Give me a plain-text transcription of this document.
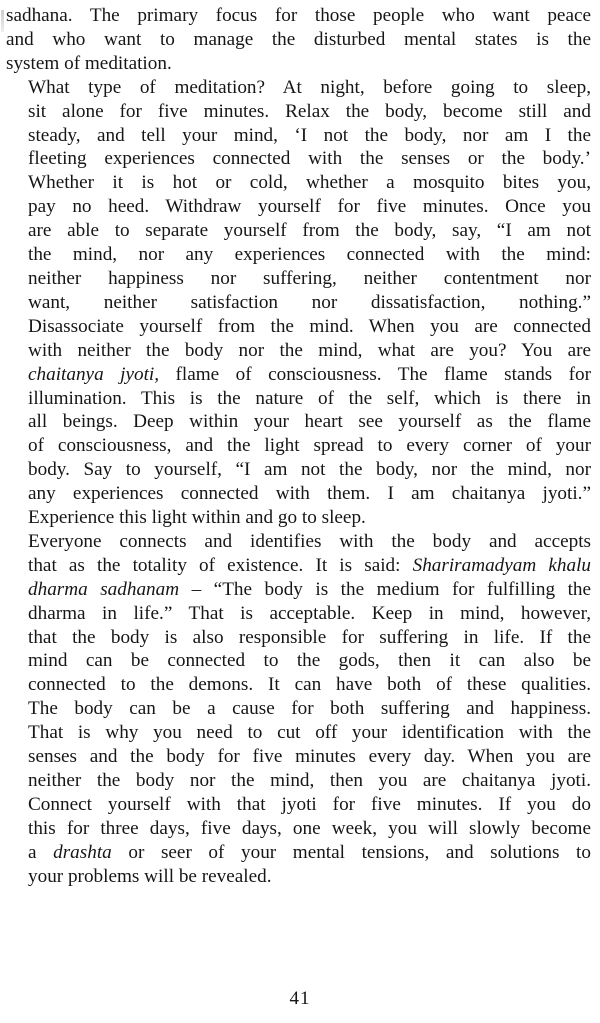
sadhana. The primary focus for those people who want peace
and who want to manage the disturbed mental states is the
system of meditation.

What type of meditation? At night, before going to sleep,
sit alone for five minutes. Relax the body, become still and
steady, and tell your mind, ‘I not the body, nor am I the
fleeting experiences connected with the senses or the body.’
Whether it is hot or cold, whether a mosquito bites you,
pay no heed. Withdraw yourself for five minutes. Once you
are able to separate yourself from the body, say, “I am not
the mind, nor any experiences connected with the mind:
neither happiness nor suffering, neither contentment nor
want, neither satisfaction nor dissatisfaction, nothing.”
Disassociate yourself from the mind. When you are connected
with neither the body nor the mind, what are you? You are
chaitanya jyoti, flame of consciousness. The flame stands for
illumination. This is the nature of the self, which is there in
all beings. Deep within your heart see yourself as the flame
of consciousness, and the light spread to every corner of your
body. Say to yourself, “I am not the body, nor the mind, nor
any experiences connected with them. I am chaitanya jyoti.”
Experience this light within and go to sleep.

Everyone connects and identifies with the body and accepts
that as the totality of existence. It is said: Shariramadyam khalu
dharma sadhanam – “The body is the medium for fulfilling the
dharma in life.” That is acceptable. Keep in mind, however,
that the body is also responsible for suffering in life. If the
mind can be connected to the gods, then it can also be
connected to the demons. It can have both of these qualities.
The body can be a cause for both suffering and happiness.
That is why you need to cut off your identification with the
senses and the body for five minutes every day. When you are
neither the body nor the mind, then you are chaitanya jyoti.
Connect yourself with that jyoti for five minutes. If you do
this for three days, five days, one week, you will slowly become
a drashta or seer of your mental tensions, and solutions to
your problems will be revealed.

41
